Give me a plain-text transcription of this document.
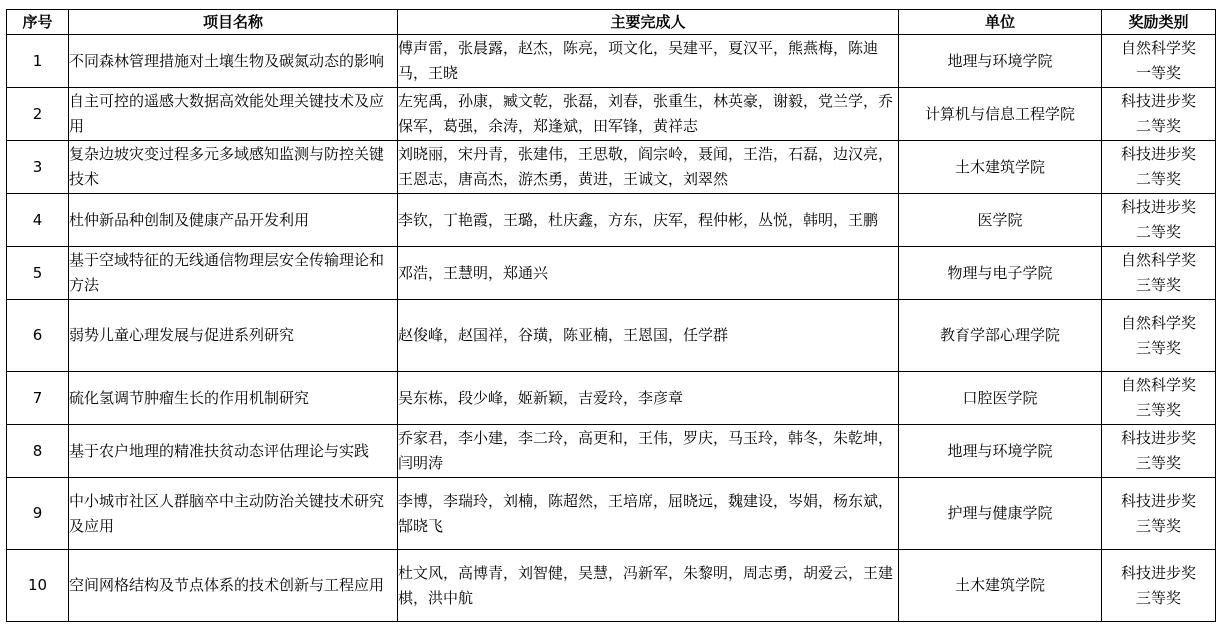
序号	项目名称	主要完成人	单位	奖励类别
1	不同森林管理措施对土壤生物及碳氮动态的影响	傅声雷，张晨露，赵杰，陈亮，项文化，吴建平，夏汉平，熊燕梅，陈迪马，王晓	地理与环境学院	自然科学奖
一等奖

2	自主可控的遥感大数据高效能处理关键技术及应用	左宪禹，孙康，臧文乾，张磊，刘春，张重生，林英豪，谢毅，党兰学，乔保军，葛强，余涛，郑逢斌，田军锋，黄祥志	计算机与信息工程学院	科技进步奖
二等奖

3	复杂边坡灾变过程多元多域感知监测与防控关键技术	刘晓丽，宋丹青，张建伟，王思敬，阎宗岭，聂闻，王浩，石磊，边汉亮，王恩志，唐高杰，游杰勇，黄进，王诚文，刘翠然	土木建筑学院	科技进步奖
二等奖

4	杜仲新品种创制及健康产品开发利用	李钦，丁艳霞，王璐，杜庆鑫，方东，庆军，程仲彬，丛悦，韩明，王鹏	医学院	科技进步奖
二等奖

5	基于空域特征的无线通信物理层安全传输理论和方法	邓浩，王慧明，郑通兴	物理与电子学院	自然科学奖
三等奖

6	弱势儿童心理发展与促进系列研究	赵俊峰，赵国祥，谷璜，陈亚楠，王恩国，任学群	教育学部心理学院	自然科学奖
三等奖

7	硫化氢调节肿瘤生长的作用机制研究	吴东栋，段少峰，姬新颖，吉爱玲，李彦章	口腔医学院	自然科学奖
三等奖

8	基于农户地理的精准扶贫动态评估理论与实践	乔家君，李小建，李二玲，高更和，王伟，罗庆，马玉玲，韩冬，朱乾坤，闫明涛	地理与环境学院	科技进步奖
三等奖

9	中小城市社区人群脑卒中主动防治关键技术研究及应用	李博，李瑞玲，刘楠，陈超然，王培席，屈晓远，魏建设，岑娟，杨东斌，郜晓飞	护理与健康学院	科技进步奖
三等奖

10	空间网格结构及节点体系的技术创新与工程应用	杜文风，高博青，刘智健，吴慧，冯新军，朱黎明，周志勇，胡爱云，王建棋，洪中航	土木建筑学院	科技进步奖
三等奖
